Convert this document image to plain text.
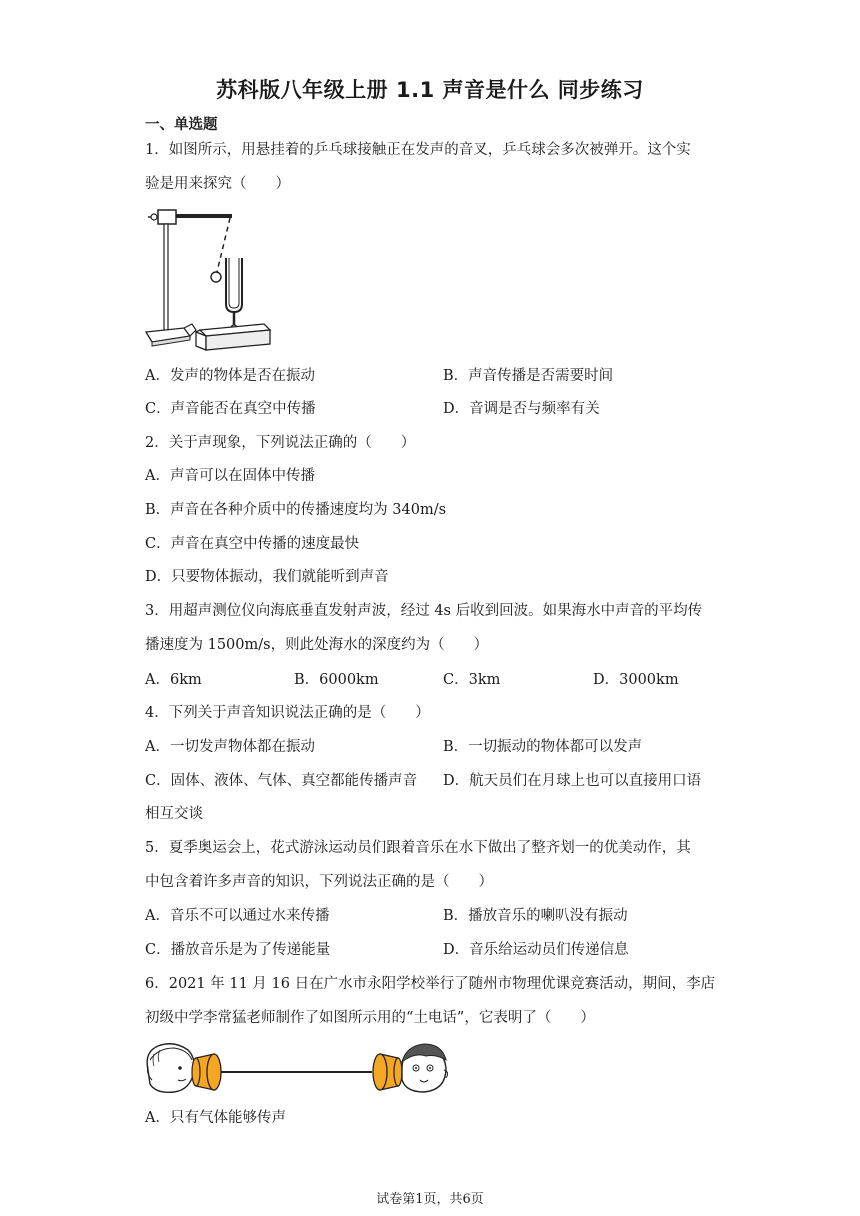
苏科版八年级上册 1.1 声音是什么 同步练习
一、单选题
1．如图所示，用悬挂着的乒乓球接触正在发声的音叉，乒乓球会多次被弹开。这个实
验是用来探究（　　）
A．发声的物体是否在振动	B．声音传播是否需要时间
C．声音能否在真空中传播	D．音调是否与频率有关
2．关于声现象，下列说法正确的（　　）
A．声音可以在固体中传播
B．声音在各种介质中的传播速度均为 340m/s
C．声音在真空中传播的速度最快
D．只要物体振动，我们就能听到声音
3．用超声测位仪向海底垂直发射声波，经过 4s 后收到回波。如果海水中声音的平均传
播速度为 1500m/s，则此处海水的深度约为（　　）
A．6km	B．6000km	C．3km	D．3000km
4．下列关于声音知识说法正确的是（　　）
A．一切发声物体都在振动	B．一切振动的物体都可以发声
C．固体、液体、气体、真空都能传播声音 D．航天员们在月球上也可以直接用口语
相互交谈
5．夏季奥运会上，花式游泳运动员们跟着音乐在水下做出了整齐划一的优美动作，其
中包含着许多声音的知识，下列说法正确的是（　　）
A．音乐不可以通过水来传播	B．播放音乐的喇叭没有振动
C．播放音乐是为了传递能量	D．音乐给运动员们传递信息
6．2021 年 11 月 16 日在广水市永阳学校举行了随州市物理优课竞赛活动，期间，李店
初级中学李常猛老师制作了如图所示用的“土电话”，它表明了（　　）
A．只有气体能够传声
试卷第1页，共6页
